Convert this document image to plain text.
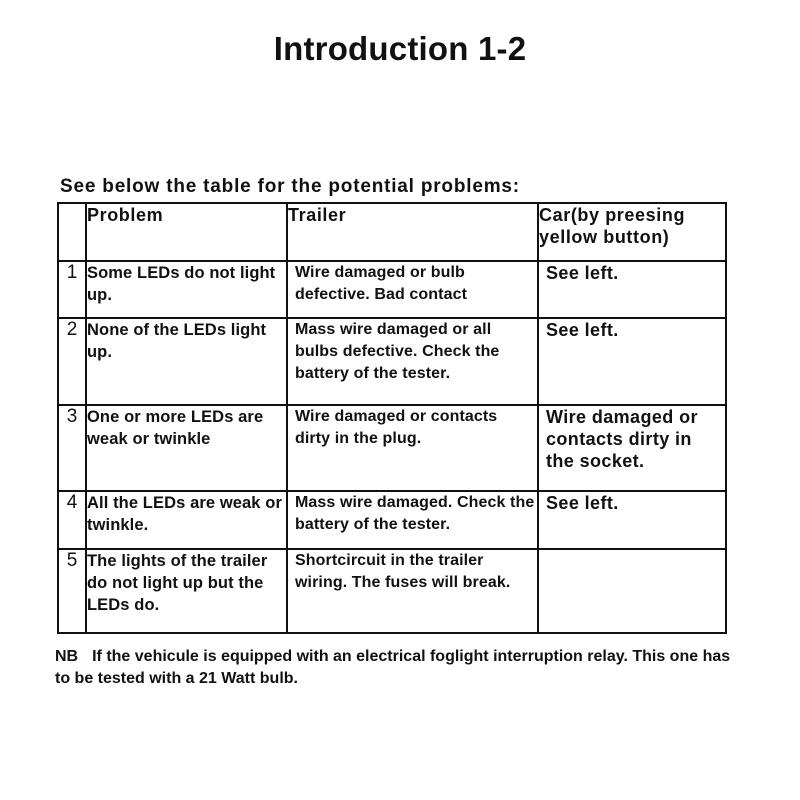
Introduction 1-2
See below the table for the potential problems:
	Problem	Trailer	Car(by preesing yellow button)
1	Some LEDs do not light up.	Wire damaged or bulb defective. Bad contact	See left.
2	None of the LEDs light up.	Mass wire damaged or all bulbs defective. Check the battery of the tester.	See left.
3	One or more LEDs are weak or twinkle	Wire damaged or contacts dirty in the plug.	Wire damaged or contacts dirty in the socket.
4	All the LEDs are weak or twinkle.	Mass wire damaged. Check the battery of the tester.	See left.
5	The lights of the trailer do not light up but the LEDs do.	Shortcircuit in the trailer wiring. The fuses will break.	
NB If the vehicule is equipped with an electrical foglight interruption relay. This one has to be tested with a 21 Watt bulb.
